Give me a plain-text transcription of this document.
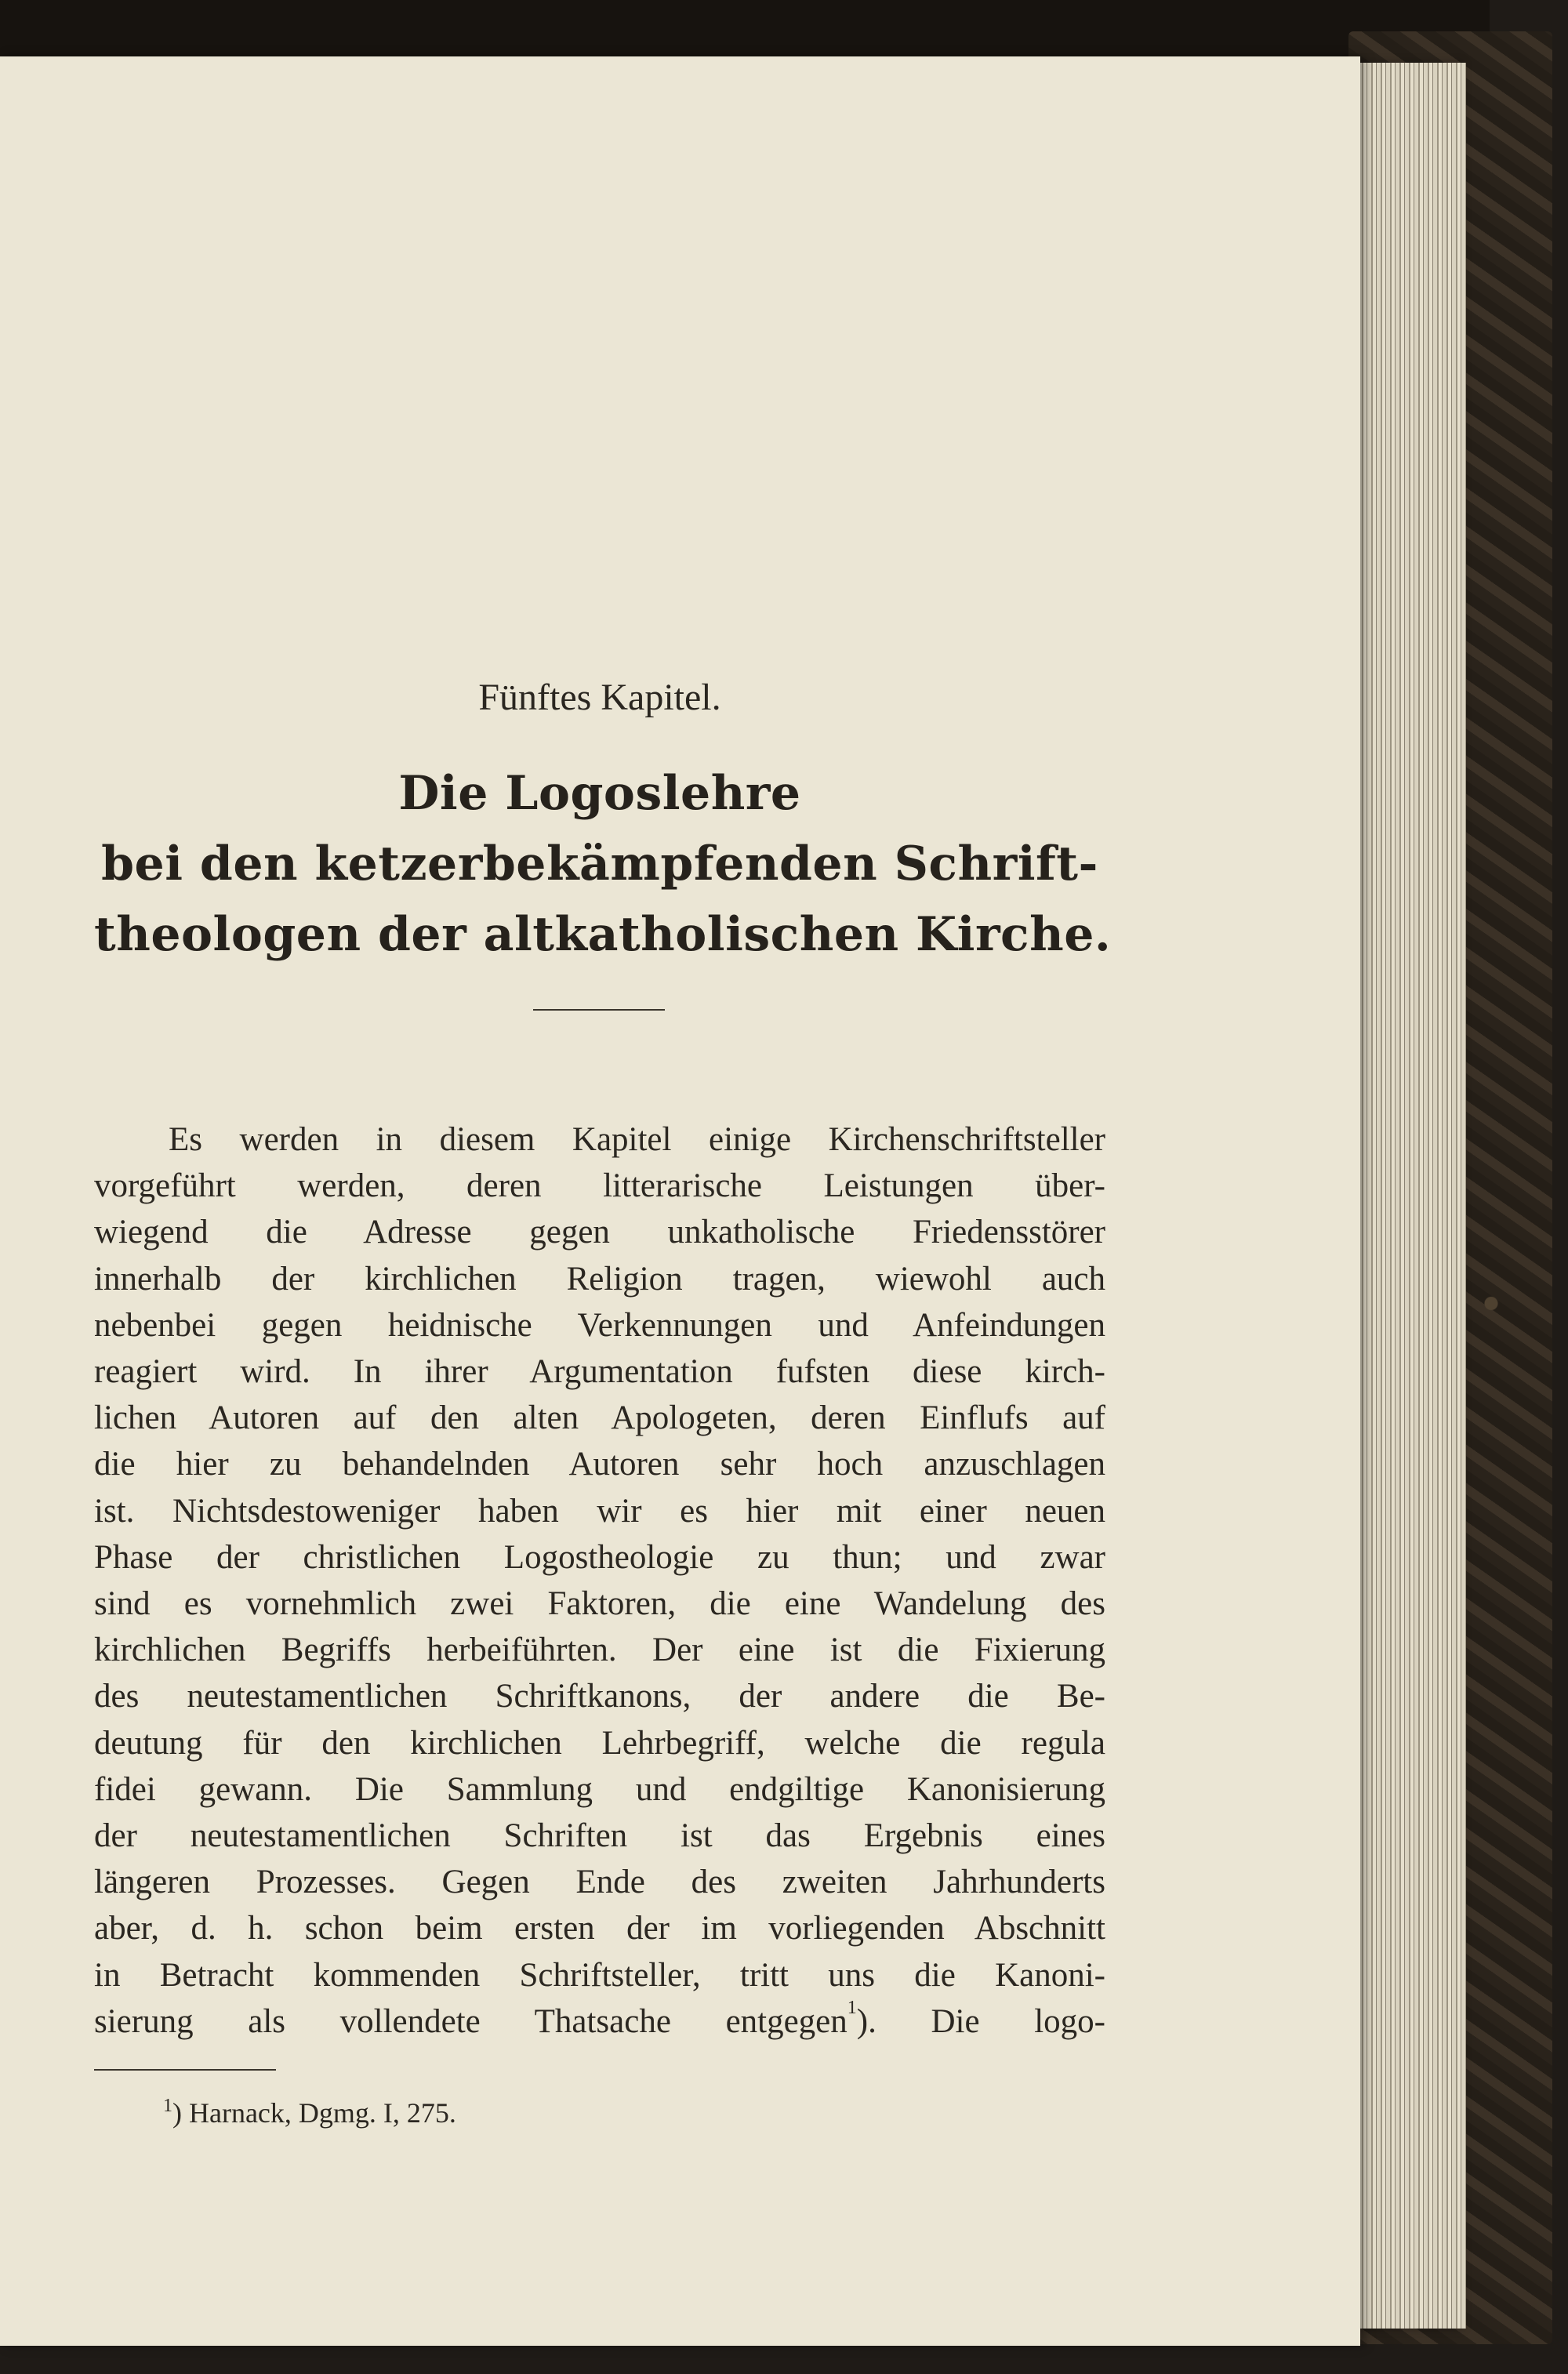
Fünftes Kapitel.
Die Logoslehre
bei den ketzerbekämpfenden Schrift-
theologen der altkatholischen Kirche.
Es werden in diesem Kapitel einige Kirchenschriftsteller
vorgeführt werden, deren litterarische Leistungen über-
wiegend die Adresse gegen unkatholische Friedensstörer
innerhalb der kirchlichen Religion tragen, wiewohl auch
nebenbei gegen heidnische Verkennungen und Anfeindungen
reagiert wird. In ihrer Argumentation fufsten diese kirch-
lichen Autoren auf den alten Apologeten, deren Einflufs auf
die hier zu behandelnden Autoren sehr hoch anzuschlagen
ist. Nichtsdestoweniger haben wir es hier mit einer neuen
Phase der christlichen Logostheologie zu thun; und zwar
sind es vornehmlich zwei Faktoren, die eine Wandelung des
kirchlichen Begriffs herbeiführten. Der eine ist die Fixierung
des neutestamentlichen Schriftkanons, der andere die Be-
deutung für den kirchlichen Lehrbegriff, welche die regula
fidei gewann. Die Sammlung und endgiltige Kanonisierung
der neutestamentlichen Schriften ist das Ergebnis eines
längeren Prozesses. Gegen Ende des zweiten Jahrhunderts
aber, d. h. schon beim ersten der im vorliegenden Abschnitt
in Betracht kommenden Schriftsteller, tritt uns die Kanoni-
sierung als vollendete Thatsache entgegen$^1$). Die logo-
$^1$) Harnack, Dgmg. I, 275.
